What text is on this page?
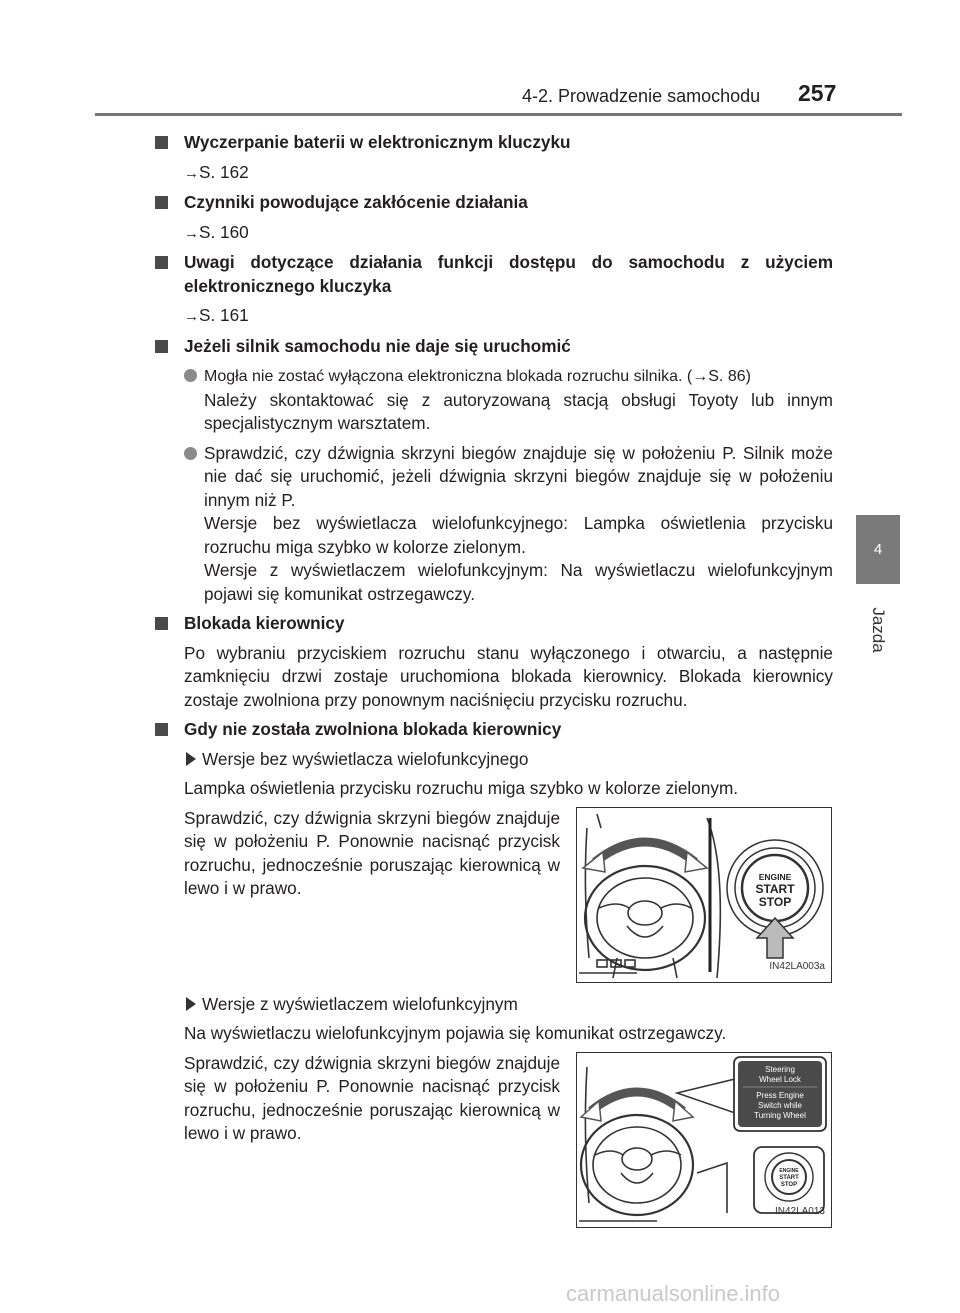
4-2. Prowadzenie samochodu 257
4
Jazda
Wyczerpanie baterii w elektronicznym kluczyku
→S. 162
Czynniki powodujące zakłócenie działania
→S. 160
Uwagi dotyczące działania funkcji dostępu do samochodu z użyciem elektronicznego kluczyka
→S. 161
Jeżeli silnik samochodu nie daje się uruchomić
Mogła nie zostać wyłączona elektroniczna blokada rozruchu silnika. (→S. 86)
Należy skontaktować się z autoryzowaną stacją obsługi Toyoty lub innym specjalistycznym warsztatem.
Sprawdzić, czy dźwignia skrzyni biegów znajduje się w położeniu P. Silnik może nie dać się uruchomić, jeżeli dźwignia skrzyni biegów znajduje się w położeniu innym niż P.
Wersje bez wyświetlacza wielofunkcyjnego: Lampka oświetlenia przycisku rozruchu miga szybko w kolorze zielonym.
Wersje z wyświetlaczem wielofunkcyjnym: Na wyświetlaczu wielofunkcyjnym pojawi się komunikat ostrzegawczy.
Blokada kierownicy
Po wybraniu przyciskiem rozruchu stanu wyłączonego i otwarciu, a następnie zamknięciu drzwi zostaje uruchomiona blokada kierownicy. Blokada kierownicy zostaje zwolniona przy ponownym naciśnięciu przycisku rozruchu.
Gdy nie została zwolniona blokada kierownicy
Wersje bez wyświetlacza wielofunkcyjnego
Lampka oświetlenia przycisku rozruchu miga szybko w kolorze zielonym.
Sprawdzić, czy dźwignia skrzyni biegów znajduje się w położeniu P. Ponownie nacisnąć przycisk rozruchu, jednocześnie poruszając kierownicą w lewo i w prawo.
ENGINE
START
STOP
IN42LA003a
Wersje z wyświetlaczem wielofunkcyjnym
Na wyświetlaczu wielofunkcyjnym pojawia się komunikat ostrzegawczy.
Sprawdzić, czy dźwignia skrzyni biegów znajduje się w położeniu P. Ponownie nacisnąć przycisk rozruchu, jednocześnie poruszając kierownicą w lewo i w prawo.
Steering
Wheel Lock
Press Engine
Switch while
Turning Wheel
ENGINE
START
STOP
IN42LA013
carmanualsonline.info
